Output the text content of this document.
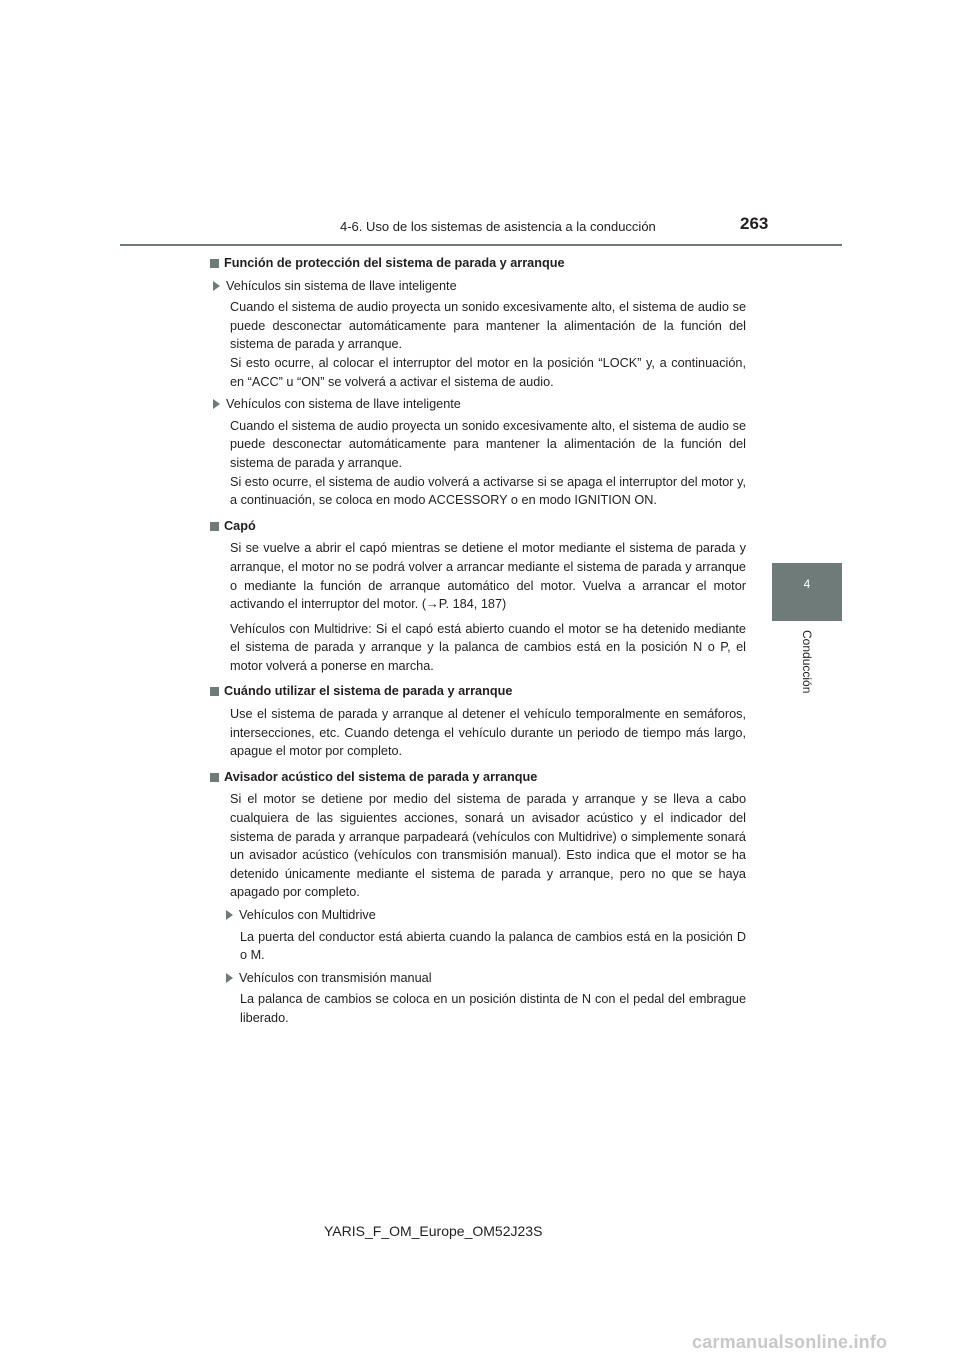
4-6. Uso de los sistemas de asistencia a la conducción	263
4
Conducción
Función de protección del sistema de parada y arranque
Vehículos sin sistema de llave inteligente
Cuando el sistema de audio proyecta un sonido excesivamente alto, el sistema de audio se puede desconectar automáticamente para mantener la alimentación de la función del sistema de parada y arranque.
Si esto ocurre, al colocar el interruptor del motor en la posición “LOCK” y, a continuación, en “ACC” u “ON” se volverá a activar el sistema de audio.
Vehículos con sistema de llave inteligente
Cuando el sistema de audio proyecta un sonido excesivamente alto, el sistema de audio se puede desconectar automáticamente para mantener la alimentación de la función del sistema de parada y arranque.
Si esto ocurre, el sistema de audio volverá a activarse si se apaga el interruptor del motor y, a continuación, se coloca en modo ACCESSORY o en modo IGNITION ON.
Capó
Si se vuelve a abrir el capó mientras se detiene el motor mediante el sistema de parada y arranque, el motor no se podrá volver a arrancar mediante el sistema de parada y arranque o mediante la función de arranque automático del motor. Vuelva a arrancar el motor activando el interruptor del motor. (→P. 184, 187)
Vehículos con Multidrive: Si el capó está abierto cuando el motor se ha detenido mediante el sistema de parada y arranque y la palanca de cambios está en la posición N o P, el motor volverá a ponerse en marcha.
Cuándo utilizar el sistema de parada y arranque
Use el sistema de parada y arranque al detener el vehículo temporalmente en semáforos, intersecciones, etc. Cuando detenga el vehículo durante un periodo de tiempo más largo, apague el motor por completo.
Avisador acústico del sistema de parada y arranque
Si el motor se detiene por medio del sistema de parada y arranque y se lleva a cabo cualquiera de las siguientes acciones, sonará un avisador acústico y el indicador del sistema de parada y arranque parpadeará (vehículos con Multidrive) o simplemente sonará un avisador acústico (vehículos con transmisión manual). Esto indica que el motor se ha detenido únicamente mediante el sistema de parada y arranque, pero no que se haya apagado por completo.
Vehículos con Multidrive
La puerta del conductor está abierta cuando la palanca de cambios está en la posición D o M.
Vehículos con transmisión manual
La palanca de cambios se coloca en un posición distinta de N con el pedal del embrague liberado.
YARIS_F_OM_Europe_OM52J23S
carmanualsonline.info
